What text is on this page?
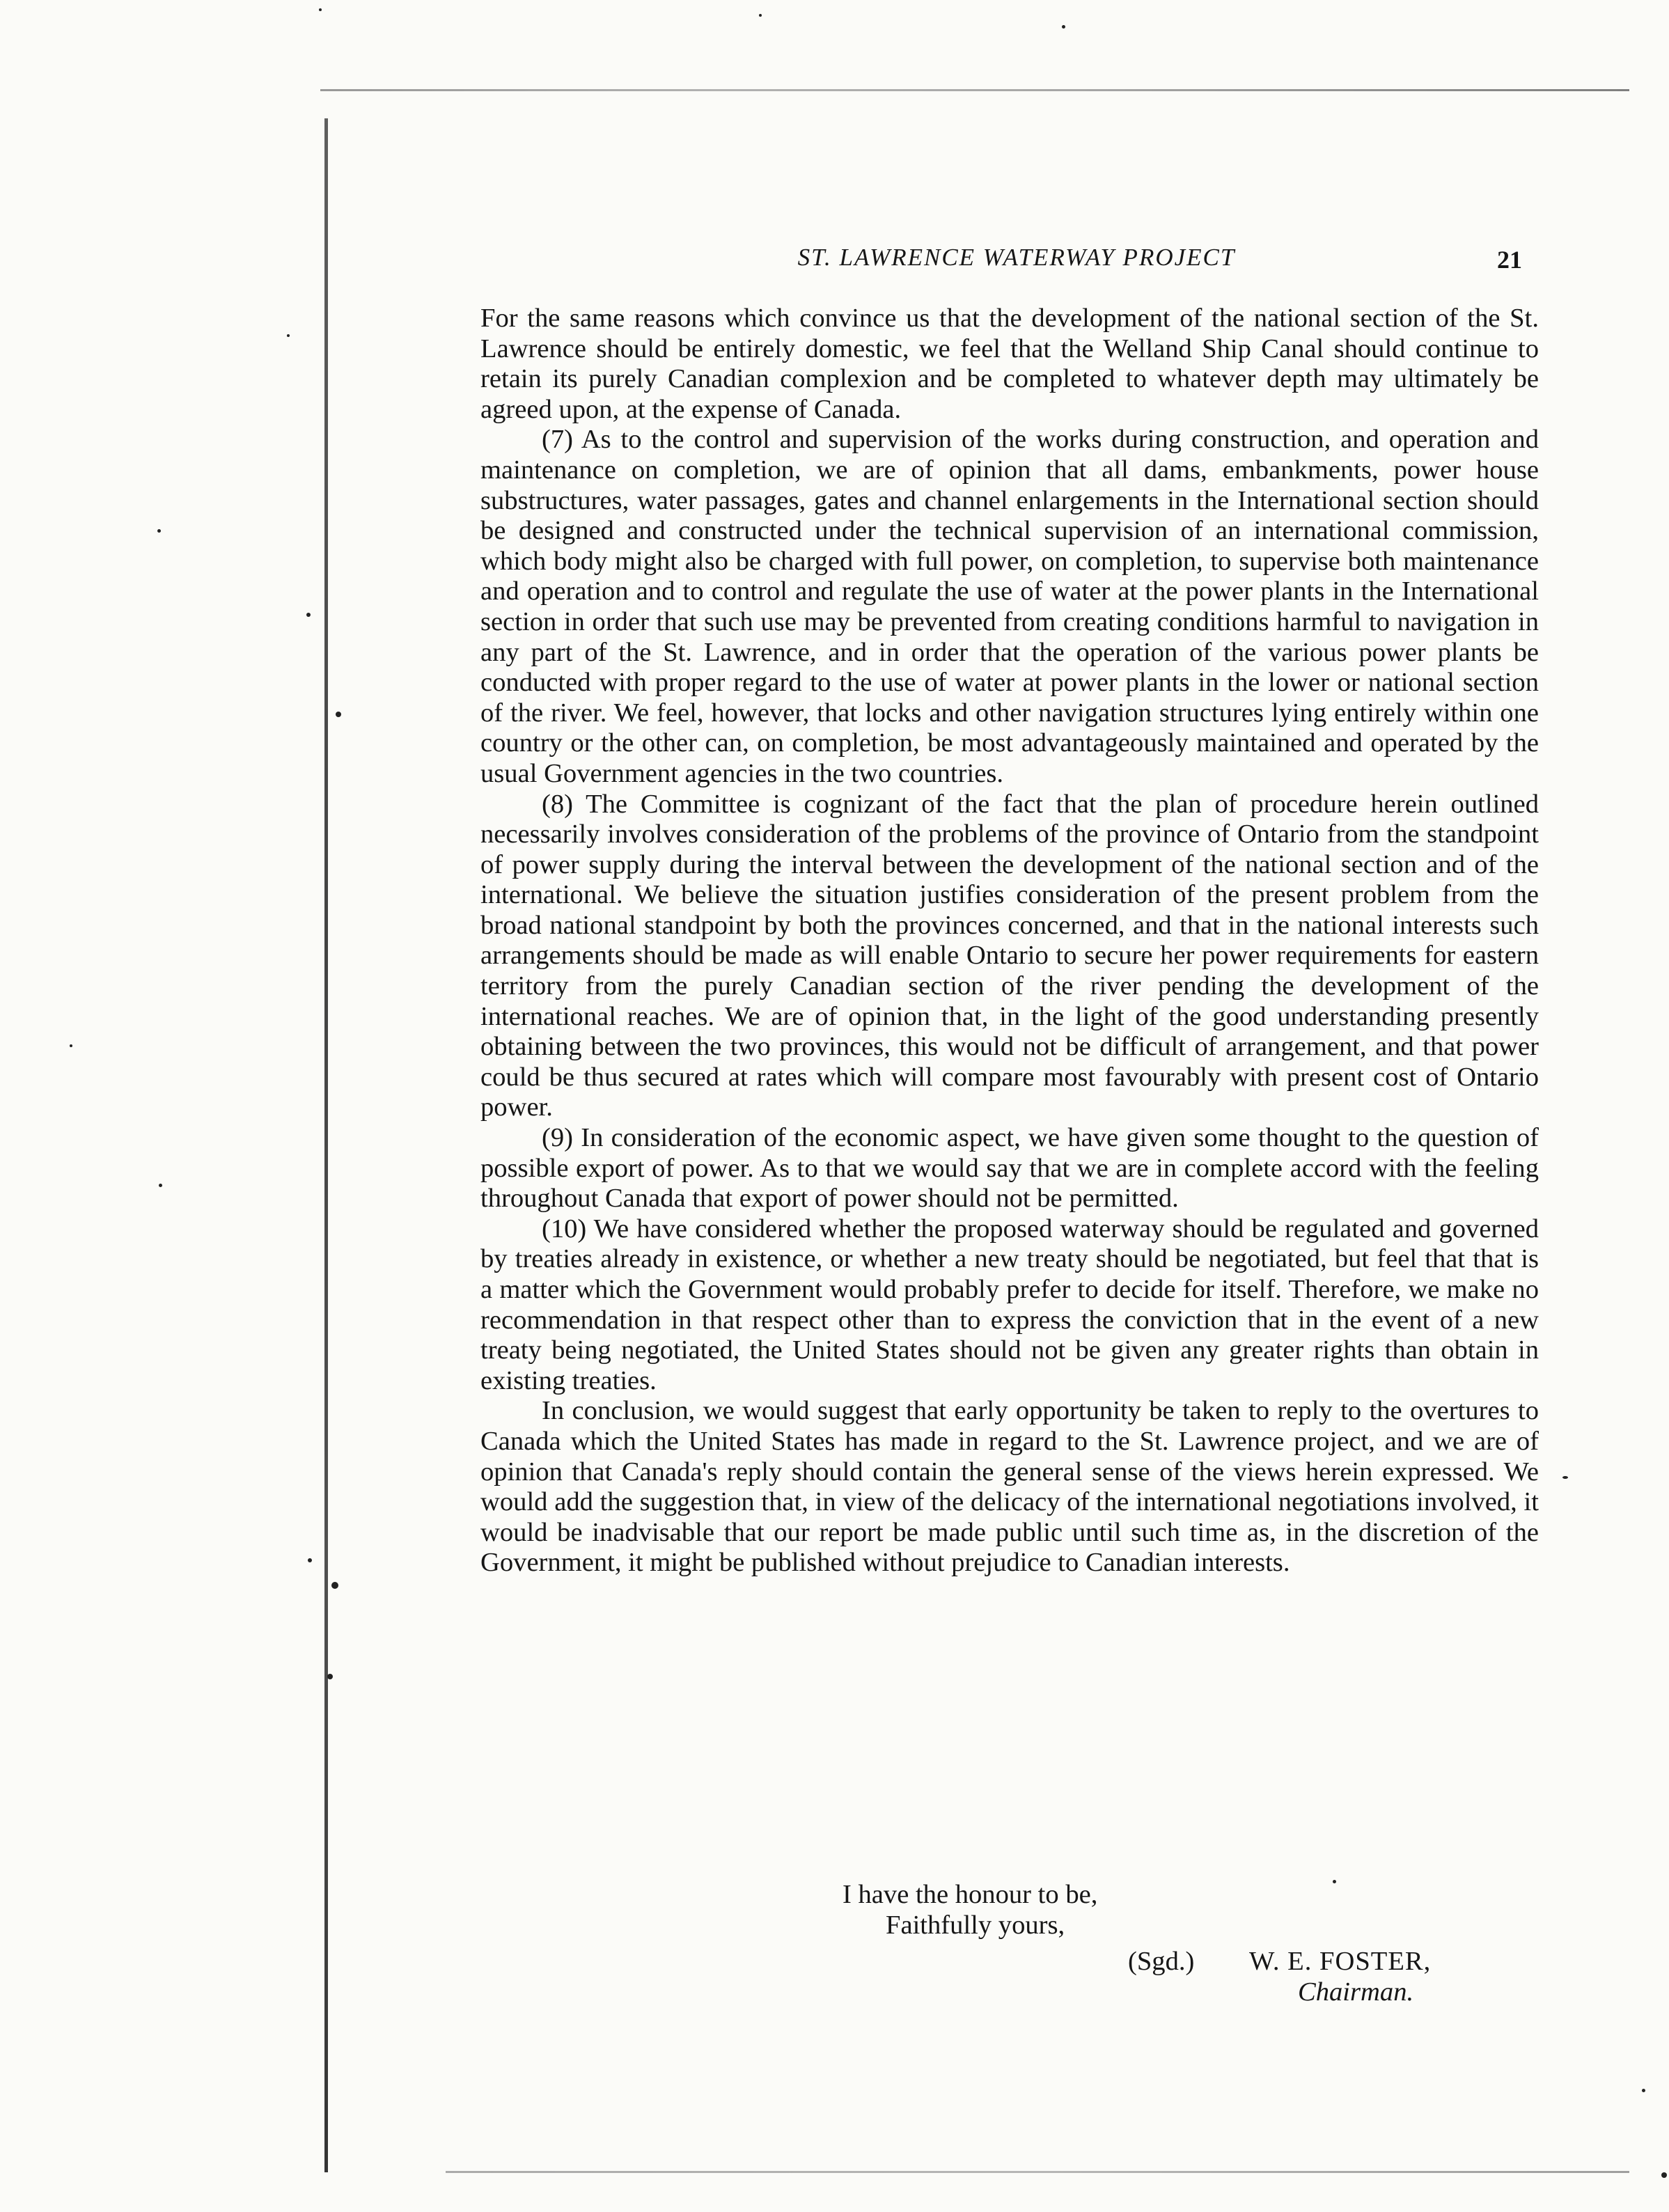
ST. LAWRENCE WATERWAY PROJECT	21

For the same reasons which convince us that the development of the national section of the St. Lawrence should be entirely domestic, we feel that the Welland Ship Canal should continue to retain its purely Canadian complexion and be completed to whatever depth may ultimately be agreed upon, at the expense of Canada.

(7) As to the control and supervision of the works during construction, and operation and maintenance on completion, we are of opinion that all dams, embankments, power house substructures, water passages, gates and channel enlargements in the International section should be designed and constructed under the technical supervision of an international commission, which body might also be charged with full power, on completion, to supervise both maintenance and operation and to control and regulate the use of water at the power plants in the International section in order that such use may be prevented from creating conditions harmful to navigation in any part of the St. Lawrence, and in order that the operation of the various power plants be conducted with proper regard to the use of water at power plants in the lower or national section of the river. We feel, however, that locks and other navigation structures lying entirely within one country or the other can, on completion, be most advantageously maintained and operated by the usual Government agencies in the two countries.

(8) The Committee is cognizant of the fact that the plan of procedure herein outlined necessarily involves consideration of the problems of the province of Ontario from the standpoint of power supply during the interval between the development of the national section and of the international. We believe the situation justifies consideration of the present problem from the broad national standpoint by both the provinces concerned, and that in the national interests such arrangements should be made as will enable Ontario to secure her power requirements for eastern territory from the purely Canadian section of the river pending the development of the international reaches. We are of opinion that, in the light of the good understanding presently obtaining between the two provinces, this would not be difficult of arrangement, and that power could be thus secured at rates which will compare most favourably with present cost of Ontario power.

(9) In consideration of the economic aspect, we have given some thought to the question of possible export of power. As to that we would say that we are in complete accord with the feeling throughout Canada that export of power should not be permitted.

(10) We have considered whether the proposed waterway should be regulated and governed by treaties already in existence, or whether a new treaty should be negotiated, but feel that that is a matter which the Government would probably prefer to decide for itself. Therefore, we make no recommendation in that respect other than to express the conviction that in the event of a new treaty being negotiated, the United States should not be given any greater rights than obtain in existing treaties.

In conclusion, we would suggest that early opportunity be taken to reply to the overtures to Canada which the United States has made in regard to the St. Lawrence project, and we are of opinion that Canada's reply should contain the general sense of the views herein expressed. We would add the suggestion that, in view of the delicacy of the international negotiations involved, it would be inadvisable that our report be made public until such time as, in the discretion of the Government, it might be published without prejudice to Canadian interests.

I have the honour to be,
Faithfully yours,
(Sgd.) W. E. FOSTER,
Chairman.
